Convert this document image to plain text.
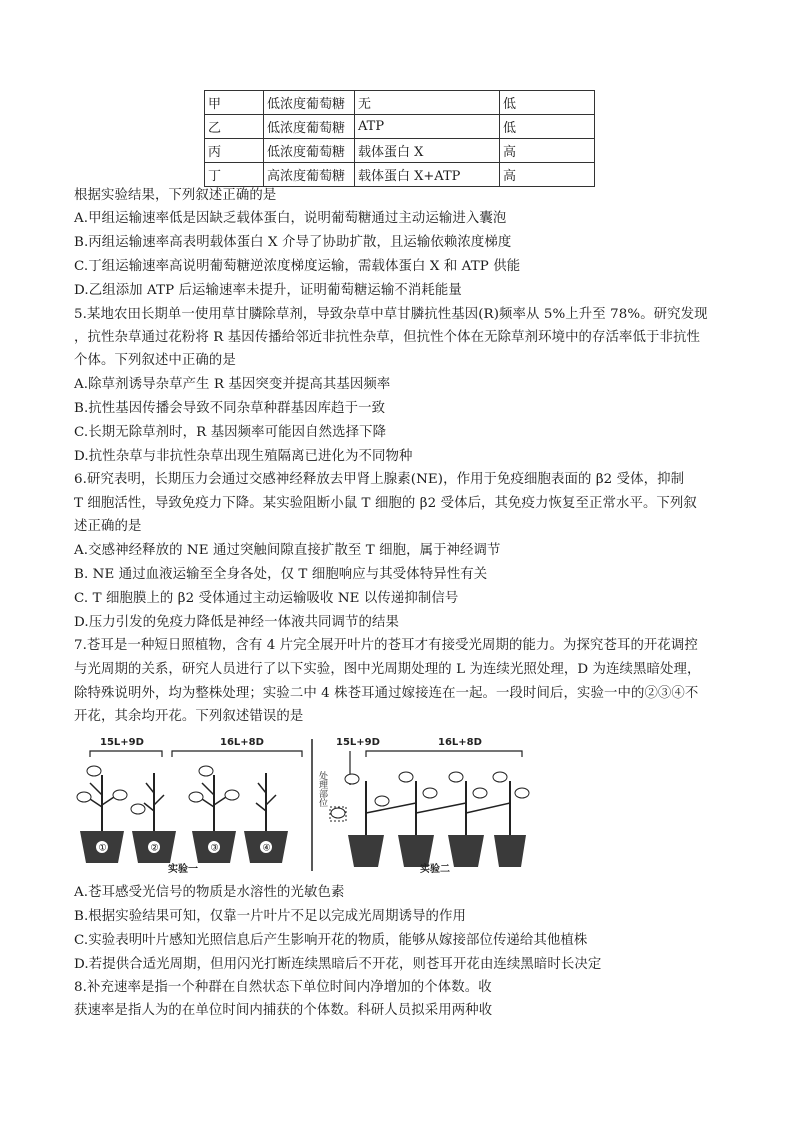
甲	低浓度葡萄糖	无	低
乙	低浓度葡萄糖	ATP	低
丙	低浓度葡萄糖	载体蛋白 X	高
丁	高浓度葡萄糖	载体蛋白 X+ATP	高
根据实验结果，下列叙述正确的是
A.甲组运输速率低是因缺乏载体蛋白，说明葡萄糖通过主动运输进入囊泡
B.丙组运输速率高表明载体蛋白 X 介导了协助扩散，且运输依赖浓度梯度
C.丁组运输速率高说明葡萄糖逆浓度梯度运输，需载体蛋白 X 和 ATP 供能
D.乙组添加 ATP 后运输速率未提升，证明葡萄糖运输不消耗能量
5.某地农田长期单一使用草甘膦除草剂，导致杂草中草甘膦抗性基因(R)频率从 5%上升至 78%。研究发现
，抗性杂草通过花粉将 R 基因传播给邻近非抗性杂草，但抗性个体在无除草剂环境中的存活率低于非抗性
个体。下列叙述中正确的是
A.除草剂诱导杂草产生 R 基因突变并提高其基因频率
B.抗性基因传播会导致不同杂草种群基因库趋于一致
C.长期无除草剂时，R 基因频率可能因自然选择下降
D.抗性杂草与非抗性杂草出现生殖隔离已进化为不同物种
6.研究表明，长期压力会通过交感神经释放去甲肾上腺素(NE)，作用于免疫细胞表面的 β2 受体，抑制
T 细胞活性，导致免疫力下降。某实验阻断小鼠 T 细胞的 β2 受体后，其免疫力恢复至正常水平。下列叙
述正确的是
A.交感神经释放的 NE 通过突触间隙直接扩散至 T 细胞，属于神经调节
B. NE 通过血液运输至全身各处，仅 T 细胞响应与其受体特异性有关
C. T 细胞膜上的 β2 受体通过主动运输吸收 NE 以传递抑制信号
D.压力引发的免疫力降低是神经一体液共同调节的结果
7.苍耳是一种短日照植物，含有 4 片完全展开叶片的苍耳才有接受光周期的能力。为探究苍耳的开花调控
与光周期的关系，研究人员进行了以下实验，图中光周期处理的 L 为连续光照处理，D 为连续黑暗处理，
除特殊说明外，均为整株处理；实验二中 4 株苍耳通过嫁接连在一起。一段时间后，实验一中的②③④不
开花，其余均开花。下列叙述错误的是
15L+9D	16L+8D
①	②	③	④
实验一
15L+9D	16L+8D
处理部位
实验二
A.苍耳感受光信号的物质是水溶性的光敏色素
B.根据实验结果可知，仅靠一片叶片不足以完成光周期诱导的作用
C.实验表明叶片感知光照信息后产生影响开花的物质，能够从嫁接部位传递给其他植株
D.若提供合适光周期，但用闪光打断连续黑暗后不开花，则苍耳开花由连续黑暗时长决定
8.补充速率是指一个种群在自然状态下单位时间内净增加的个体数。收
获速率是指人为的在单位时间内捕获的个体数。科研人员拟采用两种收
